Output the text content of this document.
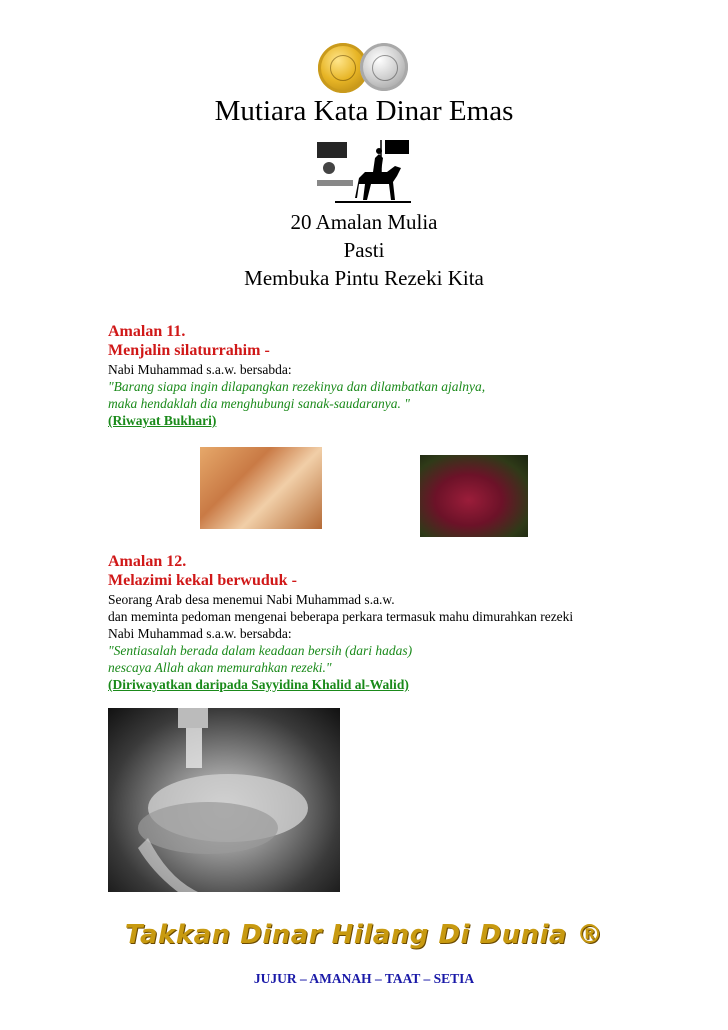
Mutiara Kata Dinar Emas
20 Amalan Mulia
Pasti
Membuka Pintu Rezeki Kita
Amalan 11.
Menjalin silaturrahim -
Nabi Muhammad s.a.w. bersabda:
"Barang siapa ingin dilapangkan rezekinya dan dilambatkan ajalnya,
maka hendaklah dia menghubungi sanak-saudaranya. "
(Riwayat Bukhari)
Amalan 12.
Melazimi kekal berwuduk -
Seorang Arab desa menemui Nabi Muhammad s.a.w.
dan meminta pedoman mengenai beberapa perkara termasuk mahu dimurahkan rezeki
Nabi Muhammad s.a.w. bersabda:
"Sentiasalah berada dalam keadaan bersih (dari hadas)
nescaya Allah akan memurahkan rezeki."
(Diriwayatkan daripada Sayyidina Khalid al-Walid)
Takkan Dinar Hilang Di Dunia ®
JUJUR – AMANAH – TAAT – SETIA
